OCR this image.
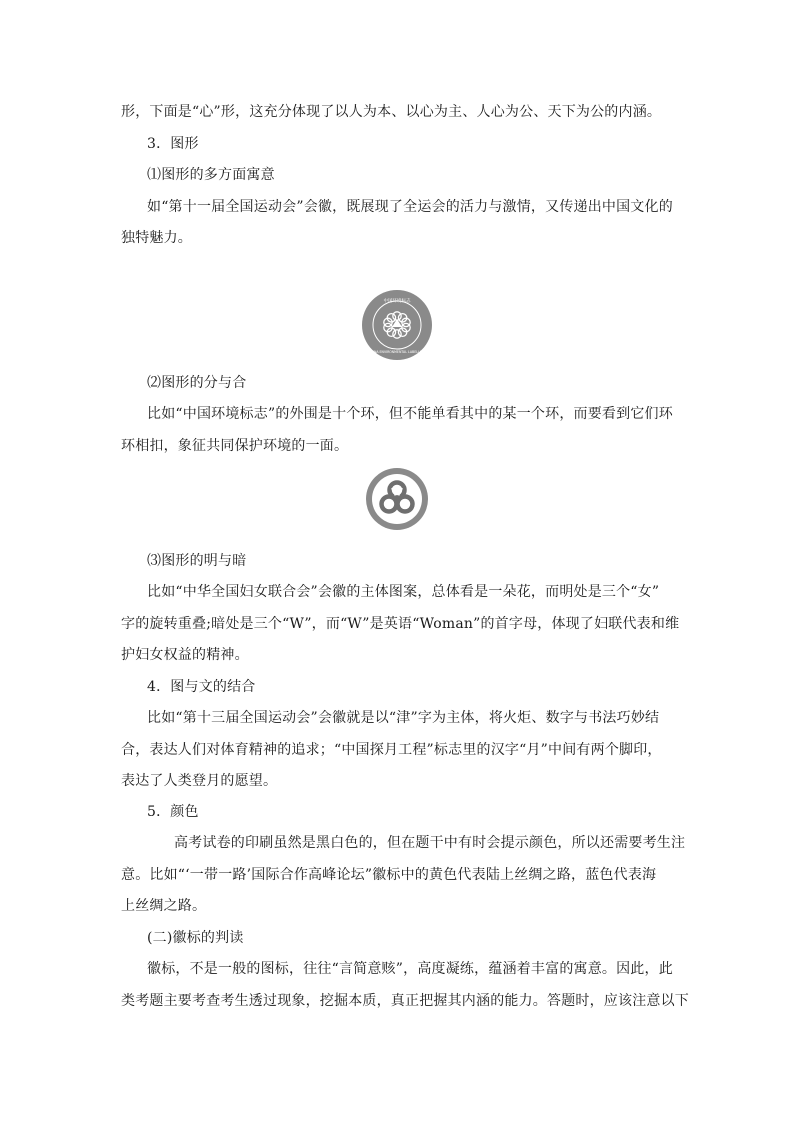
形，下面是“心”形，这充分体现了以人为本、以心为主、人心为公、天下为公的内涵。
3．图形
⑴图形的多方面寓意
如“第十一届全国运动会”会徽，既展现了全运会的活力与激情，又传递出中国文化的
独特魅力。
中国环境标志
CHINA ENVIRONMENTAL LABELLING
⑵图形的分与合
比如“中国环境标志”的外围是十个环，但不能单看其中的某一个环，而要看到它们环
环相扣，象征共同保护环境的一面。
⑶图形的明与暗
比如“中华全国妇女联合会”会徽的主体图案，总体看是一朵花，而明处是三个“女”
字的旋转重叠;暗处是三个“W”，而“W”是英语“Woman”的首字母，体现了妇联代表和维
护妇女权益的精神。
4．图与文的结合
比如“第十三届全国运动会”会徽就是以“津”字为主体，将火炬、数字与书法巧妙结
合，表达人们对体育精神的追求；“中国探月工程”标志里的汉字“月”中间有两个脚印，
表达了人类登月的愿望。
5．颜色
高考试卷的印刷虽然是黑白色的，但在题干中有时会提示颜色，所以还需要考生注
意。比如“‘一带一路’国际合作高峰论坛”徽标中的黄色代表陆上丝绸之路，蓝色代表海
上丝绸之路。
(二)徽标的判读
徽标，不是一般的图标，往往“言简意赅”，高度凝练，蕴涵着丰富的寓意。因此，此
类考题主要考查考生透过现象，挖掘本质，真正把握其内涵的能力。答题时，应该注意以下
